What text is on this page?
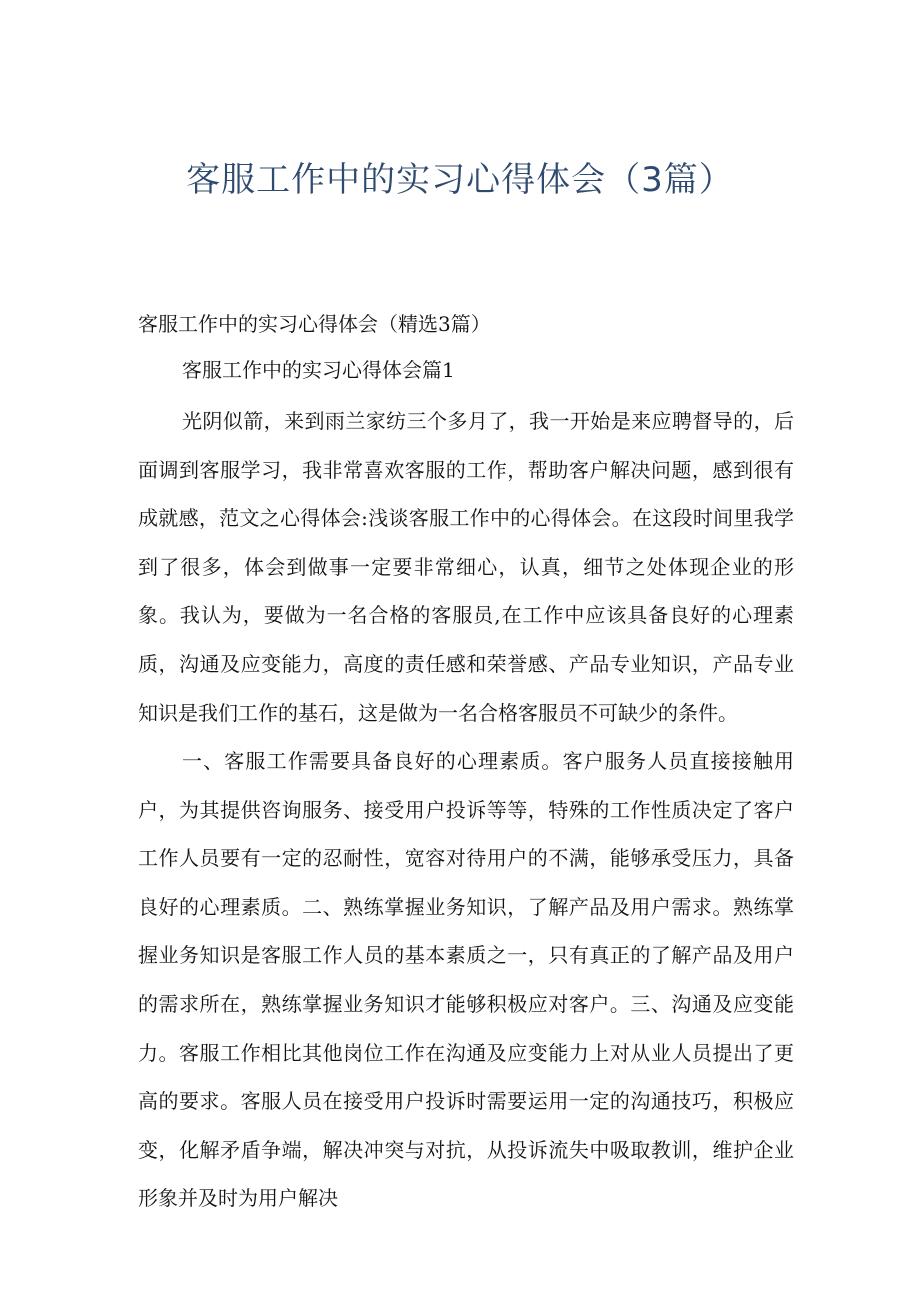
客服工作中的实习心得体会（3篇）

客服工作中的实习心得体会（精选3篇）

客服工作中的实习心得体会篇1

光阴似箭，来到雨兰家纺三个多月了，我一开始是来应聘督导的，后面调到客服学习，我非常喜欢客服的工作，帮助客户解决问题，感到很有成就感，范文之心得体会:浅谈客服工作中的心得体会。在这段时间里我学到了很多，体会到做事一定要非常细心，认真，细节之处体现企业的形象。我认为，要做为一名合格的客服员,在工作中应该具备良好的心理素质，沟通及应变能力，高度的责任感和荣誉感、产品专业知识，产品专业知识是我们工作的基石，这是做为一名合格客服员不可缺少的条件。

一、客服工作需要具备良好的心理素质。客户服务人员直接接触用户，为其提供咨询服务、接受用户投诉等等，特殊的工作性质决定了客户工作人员要有一定的忍耐性，宽容对待用户的不满，能够承受压力，具备良好的心理素质。二、熟练掌握业务知识，了解产品及用户需求。熟练掌握业务知识是客服工作人员的基本素质之一，只有真正的了解产品及用户的需求所在，熟练掌握业务知识才能够积极应对客户。三、沟通及应变能力。客服工作相比其他岗位工作在沟通及应变能力上对从业人员提出了更高的要求。客服人员在接受用户投诉时需要运用一定的沟通技巧，积极应变，化解矛盾争端，解决冲突与对抗，从投诉流失中吸取教训，维护企业形象并及时为用户解决
